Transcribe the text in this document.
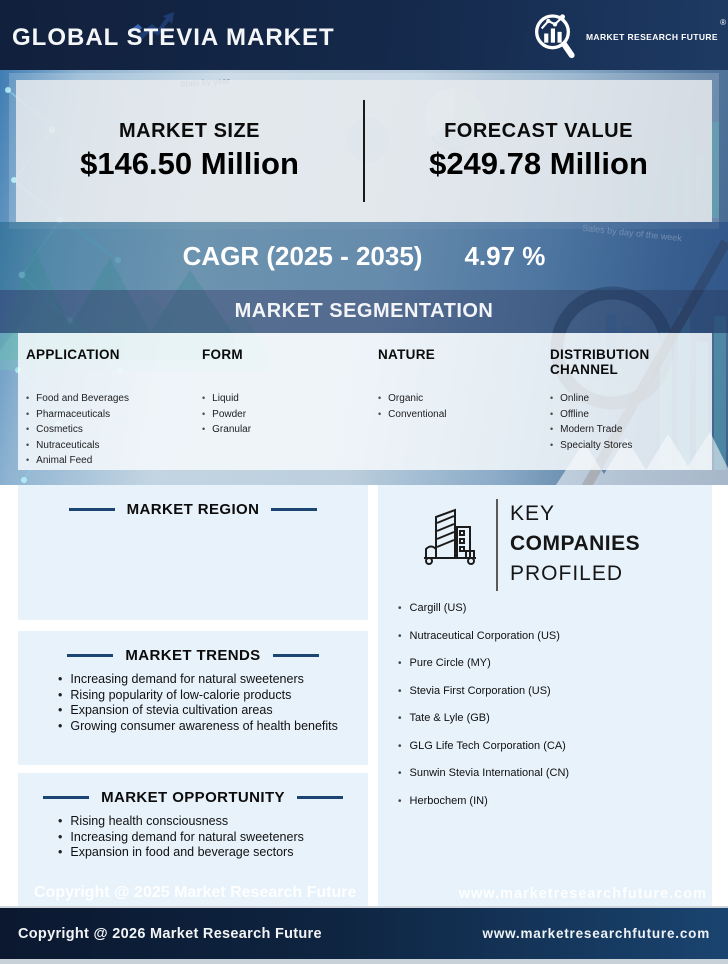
GLOBAL STEVIA MARKET	MARKET RESEARCH FUTURE
®
MARKET SIZE
$146.50 Million
FORECAST VALUE
$249.78 Million
CAGR (2025 - 2035) 4.97 %
MARKET SEGMENTATION
APPLICATION
• Food and Beverages
• Pharmaceuticals
• Cosmetics
• Nutraceuticals
• Animal Feed
FORM
• Liquid
• Powder
• Granular
NATURE
• Organic
• Conventional
DISTRIBUTION CHANNEL
• Online
• Offline
• Modern Trade
• Specialty Stores
MARKET REGION
MARKET TRENDS
• Increasing demand for natural sweeteners
• Rising popularity of low-calorie products
• Expansion of stevia cultivation areas
• Growing consumer awareness of health benefits
MARKET OPPORTUNITY
• Rising health consciousness
• Increasing demand for natural sweeteners
• Expansion in food and beverage sectors
KEY
COMPANIES
PROFILED
• Cargill (US)
• Nutraceutical Corporation (US)
• Pure Circle (MY)
• Stevia First Corporation (US)
• Tate & Lyle (GB)
• GLG Life Tech Corporation (CA)
• Sunwin Stevia International (CN)
• Herbochem (IN)
Copyright @ 2025 Market Research Future	www.marketresearchfuture.com
Copyright @ 2026 Market Research Future	www.marketresearchfuture.com
